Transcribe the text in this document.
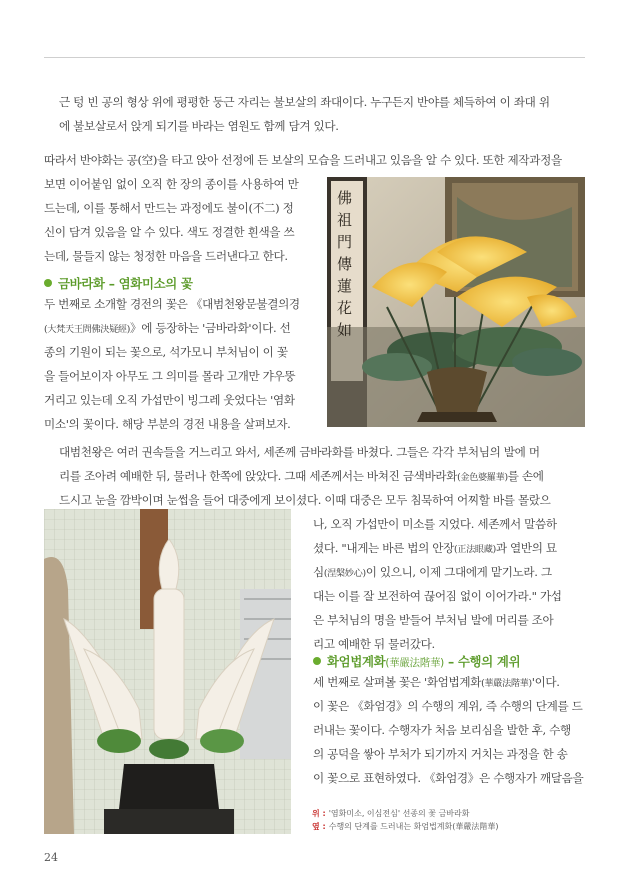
근 텅 빈 공의 형상 위에 평평한 둥근 자리는 불보살의 좌대이다. 누구든지 반야를 체득하여 이 좌대 위
에 불보살로서 앉게 되기를 바라는 염원도 함께 담겨 있다.
따라서 반야화는 공(空)을 타고 앉아 선정에 든 보살의 모습을 드러내고 있음을 알 수 있다. 또한 제작과정을
보면 이어붙임 없이 오직 한 장의 종이를 사용하여 만
드는데, 이를 통해서 만드는 과정에도 불이(不二) 정
신이 담겨 있음을 알 수 있다. 색도 정결한 흰색을 쓰
는데, 물들지 않는 청정한 마음을 드러낸다고 한다.
금바라화 – 염화미소의 꽃
두 번째로 소개할 경전의 꽃은 《대범천왕문불결의경
(大梵天王問佛決疑經)》에 등장하는 '금바라화'이다. 선
종의 기원이 되는 꽃으로, 석가모니 부처님이 이 꽃
을 들어보이자 아무도 그 의미를 몰라 고개만 갸우뚱
거리고 있는데 오직 가섭만이 빙그레 웃었다는 '염화
미소'의 꽃이다. 해당 부분의 경전 내용을 살펴보자.
佛祖門 傳蓮花如
대범천왕은 여러 권속들을 거느리고 와서, 세존께 금바라화를 바쳤다. 그들은 각각 부처님의 발에 머
리를 조아려 예배한 뒤, 물러나 한쪽에 앉았다. 그때 세존께서는 바쳐진 금색바라화(金色婆羅華)를 손에
드시고 눈을 깜박이며 눈썹을 들어 대중에게 보이셨다. 이때 대중은 모두 침묵하여 어찌할 바를 몰랐으
나, 오직 가섭만이 미소를 지었다. 세존께서 말씀하
셨다. "내게는 바른 법의 안장(正法眼藏)과 열반의 묘
심(涅槃妙心)이 있으니, 이제 그대에게 맡기노라. 그
대는 이를 잘 보전하여 끊어짐 없이 이어가라." 가섭
은 부처님의 명을 받들어 부처님 발에 머리를 조아
리고 예배한 뒤 물러갔다.
화엄법계화(華嚴法階華) – 수행의 계위
세 번째로 살펴볼 꽃은 '화엄법계화(華嚴法階華)'이다.
이 꽃은 《화엄경》의 수행의 계위, 즉 수행의 단계를 드
러내는 꽃이다. 수행자가 처음 보리심을 발한 후, 수행
의 공덕을 쌓아 부처가 되기까지 거치는 과정을 한 송
이 꽃으로 표현하였다. 《화엄경》은 수행자가 깨달음을
위 : '염화미소, 이심전심' 선종의 꽃 금바라화
옆 : 수행의 단계를 드러내는 화엄법계화(華嚴法階華)
24
